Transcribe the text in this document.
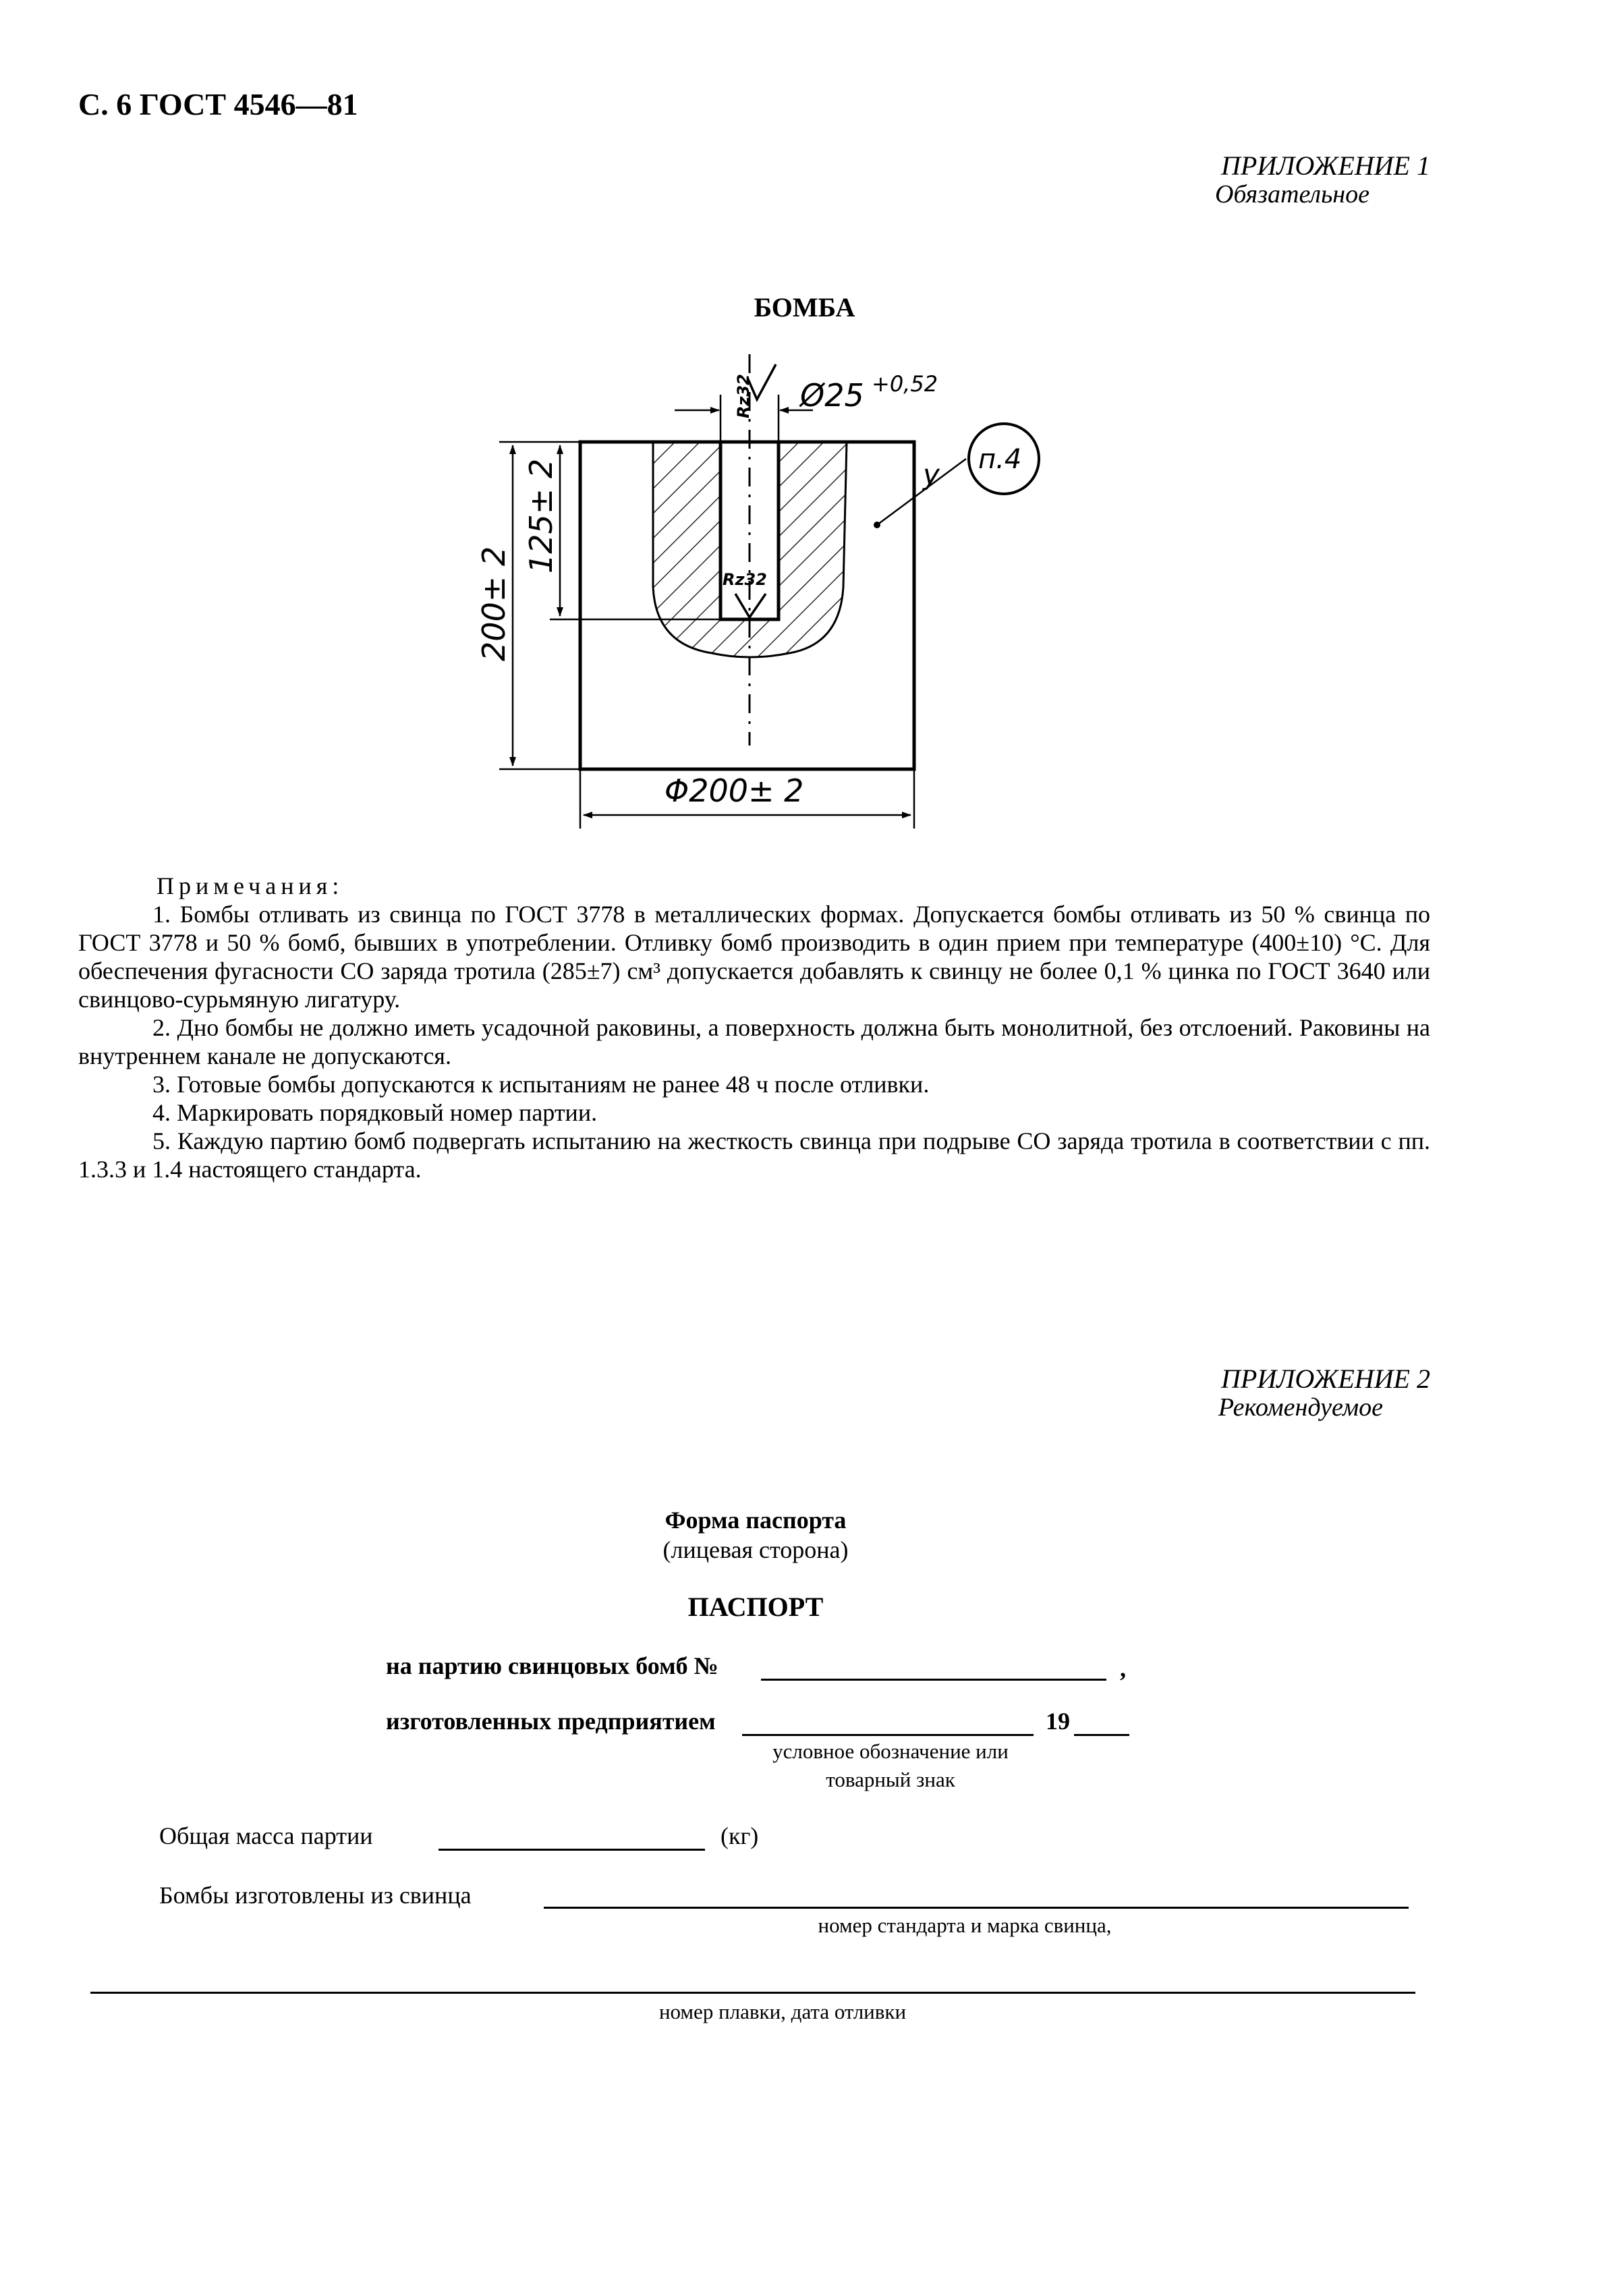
С. 6 ГОСТ 4546—81
ПРИЛОЖЕНИЕ 1
Обязательное
БОМБА
Ø25 +0,52
Rz32
Rz32
200± 2
125± 2
Φ200± 2
у п.4
Примечания:

1. Бомбы отливать из свинца по ГОСТ 3778 в металлических формах. Допускается бомбы отливать из 50 % свинца по ГОСТ 3778 и 50 % бомб, бывших в употреблении. Отливку бомб производить в один прием при температуре (400±10) °С. Для обеспечения фугасности СО заряда тротила (285±7) см³ допускается добавлять к свинцу не более 0,1 % цинка по ГОСТ 3640 или свинцово-сурьмяную лигатуру.

2. Дно бомбы не должно иметь усадочной раковины, а поверхность должна быть монолитной, без отслоений. Раковины на внутреннем канале не допускаются.

3. Готовые бомбы допускаются к испытаниям не ранее 48 ч после отливки.

4. Маркировать порядковый номер партии.

5. Каждую партию бомб подвергать испытанию на жесткость свинца при подрыве СО заряда тротила в соответствии с пп. 1.3.3 и 1.4 настоящего стандарта.

ПРИЛОЖЕНИЕ 2
Рекомендуемое
Форма паспорта
(лицевая сторона)
ПАСПОРТ
на партию свинцовых бомб №	,
изготовленных предприятием	19
условное обозначение или
товарный знак
Общая масса партии	(кг)
Бомбы изготовлены из свинца
номер стандарта и марка свинца,
номер плавки, дата отливки
